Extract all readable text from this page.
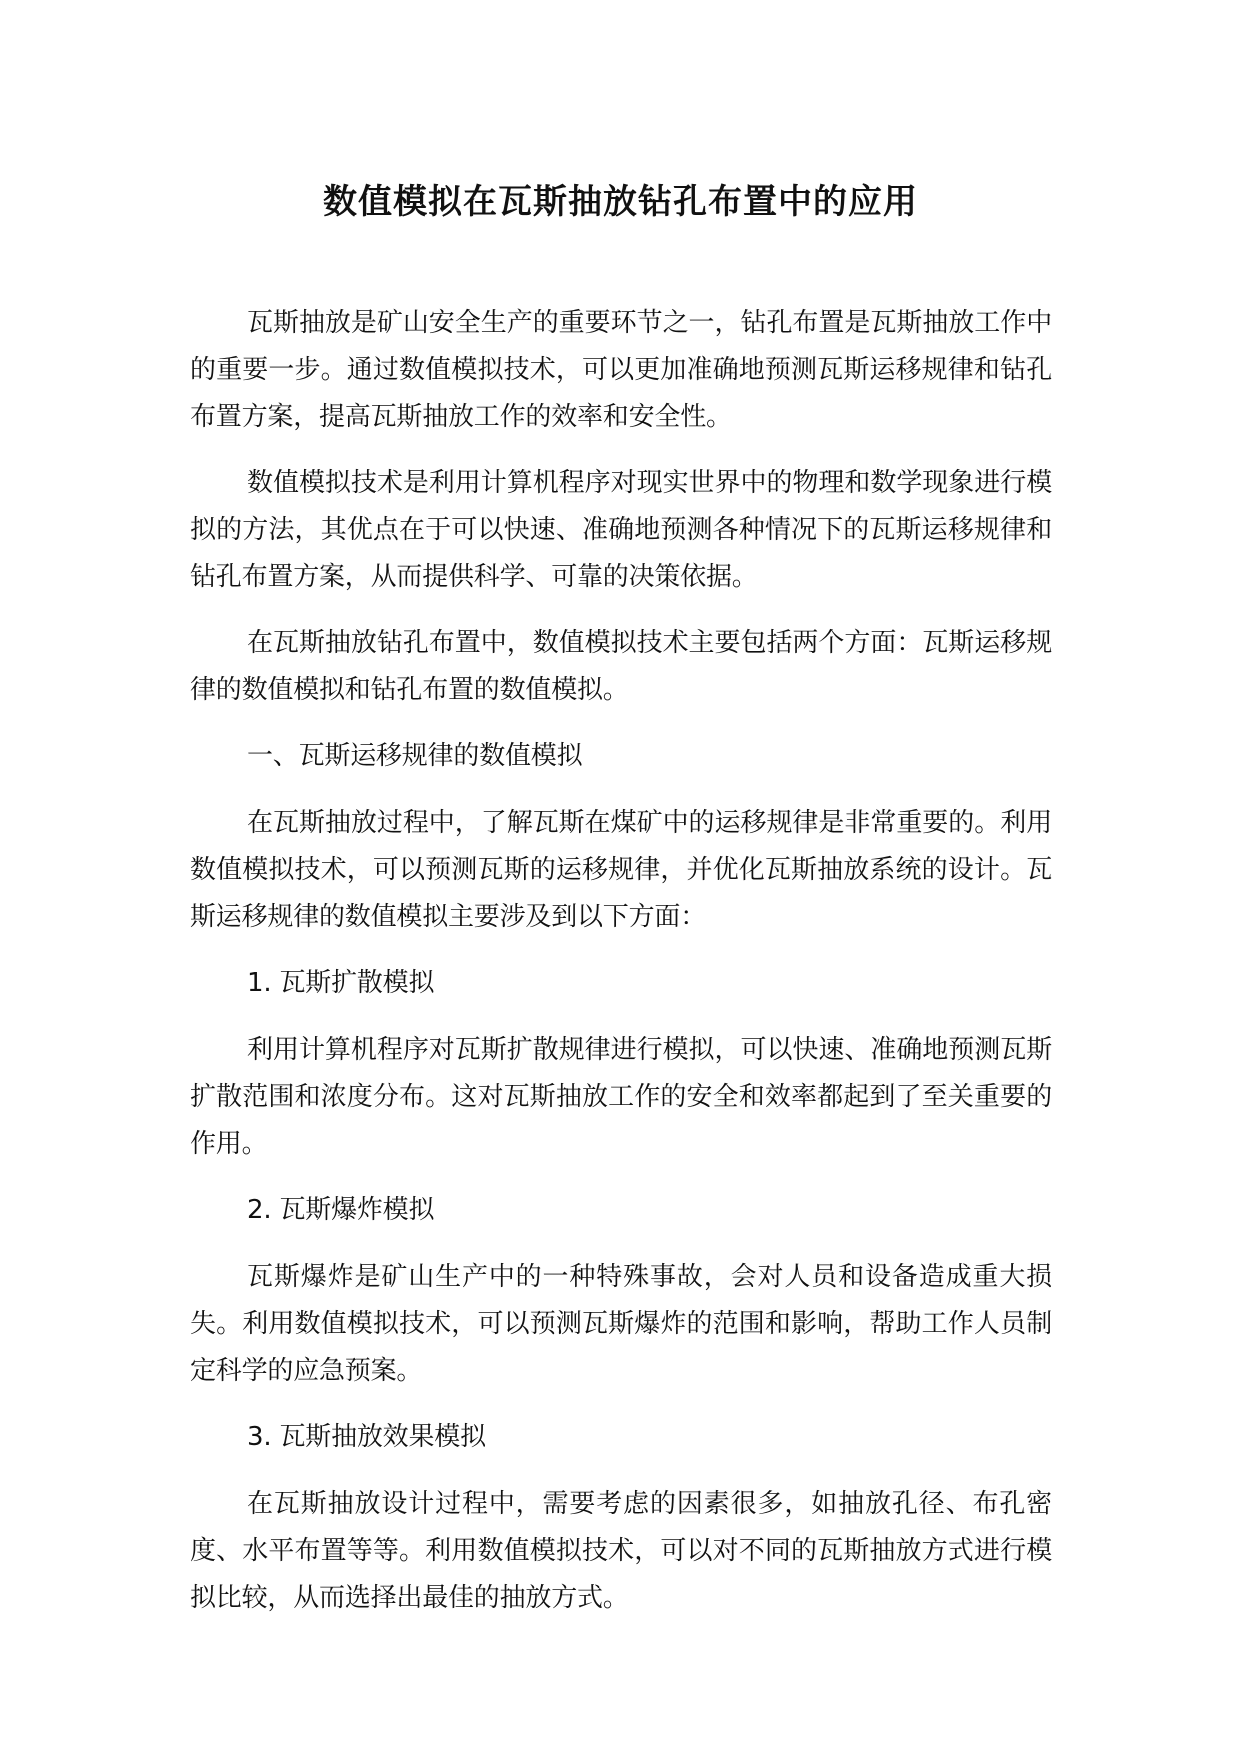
数值模拟在瓦斯抽放钻孔布置中的应用

瓦斯抽放是矿山安全生产的重要环节之一，钻孔布置是瓦斯抽放工作中的重要一步。通过数值模拟技术，可以更加准确地预测瓦斯运移规律和钻孔布置方案，提高瓦斯抽放工作的效率和安全性。

数值模拟技术是利用计算机程序对现实世界中的物理和数学现象进行模拟的方法，其优点在于可以快速、准确地预测各种情况下的瓦斯运移规律和钻孔布置方案，从而提供科学、可靠的决策依据。

在瓦斯抽放钻孔布置中，数值模拟技术主要包括两个方面：瓦斯运移规律的数值模拟和钻孔布置的数值模拟。

一、瓦斯运移规律的数值模拟

在瓦斯抽放过程中，了解瓦斯在煤矿中的运移规律是非常重要的。利用数值模拟技术，可以预测瓦斯的运移规律，并优化瓦斯抽放系统的设计。瓦斯运移规律的数值模拟主要涉及到以下方面：

1. 瓦斯扩散模拟

利用计算机程序对瓦斯扩散规律进行模拟，可以快速、准确地预测瓦斯扩散范围和浓度分布。这对瓦斯抽放工作的安全和效率都起到了至关重要的作用。

2. 瓦斯爆炸模拟

瓦斯爆炸是矿山生产中的一种特殊事故，会对人员和设备造成重大损失。利用数值模拟技术，可以预测瓦斯爆炸的范围和影响，帮助工作人员制定科学的应急预案。

3. 瓦斯抽放效果模拟

在瓦斯抽放设计过程中，需要考虑的因素很多，如抽放孔径、布孔密度、水平布置等等。利用数值模拟技术，可以对不同的瓦斯抽放方式进行模拟比较，从而选择出最佳的抽放方式。
